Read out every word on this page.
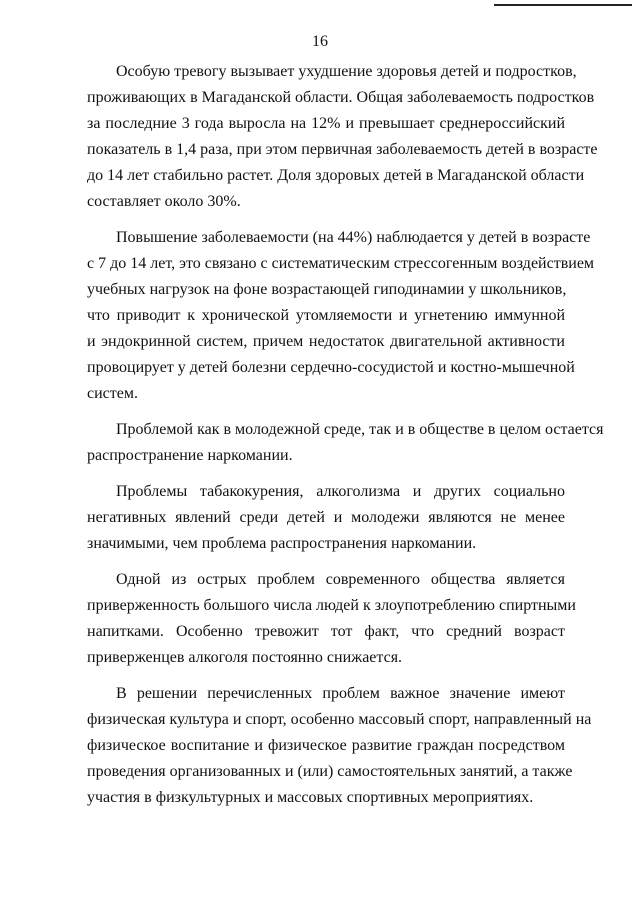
16
Особую тревогу вызывает ухудшение здоровья детей и подростков,
проживающих в Магаданской области. Общая заболеваемость подростков
за последние 3 года выросла на 12% и превышает среднероссийский
показатель в 1,4 раза, при этом первичная заболеваемость детей в возрасте
до 14 лет стабильно растет. Доля здоровых детей в Магаданской области
составляет около 30%.
Повышение заболеваемости (на 44%) наблюдается у детей в возрасте
с 7 до 14 лет, это связано с систематическим стрессогенным воздействием
учебных нагрузок на фоне возрастающей гиподинамии у школьников,
что приводит к хронической утомляемости и угнетению иммунной
и эндокринной систем, причем недостаток двигательной активности
провоцирует у детей болезни сердечно-сосудистой и костно-мышечной
систем.
Проблемой как в молодежной среде, так и в обществе в целом остается
распространение наркомании.
Проблемы табакокурения, алкоголизма и других социально
негативных явлений среди детей и молодежи являются не менее
значимыми, чем проблема распространения наркомании.
Одной из острых проблем современного общества является
приверженность большого числа людей к злоупотреблению спиртными
напитками. Особенно тревожит тот факт, что средний возраст
приверженцев алкоголя постоянно снижается.
В решении перечисленных проблем важное значение имеют
физическая культура и спорт, особенно массовый спорт, направленный на
физическое воспитание и физическое развитие граждан посредством
проведения организованных и (или) самостоятельных занятий, а также
участия в физкультурных и массовых спортивных мероприятиях.
